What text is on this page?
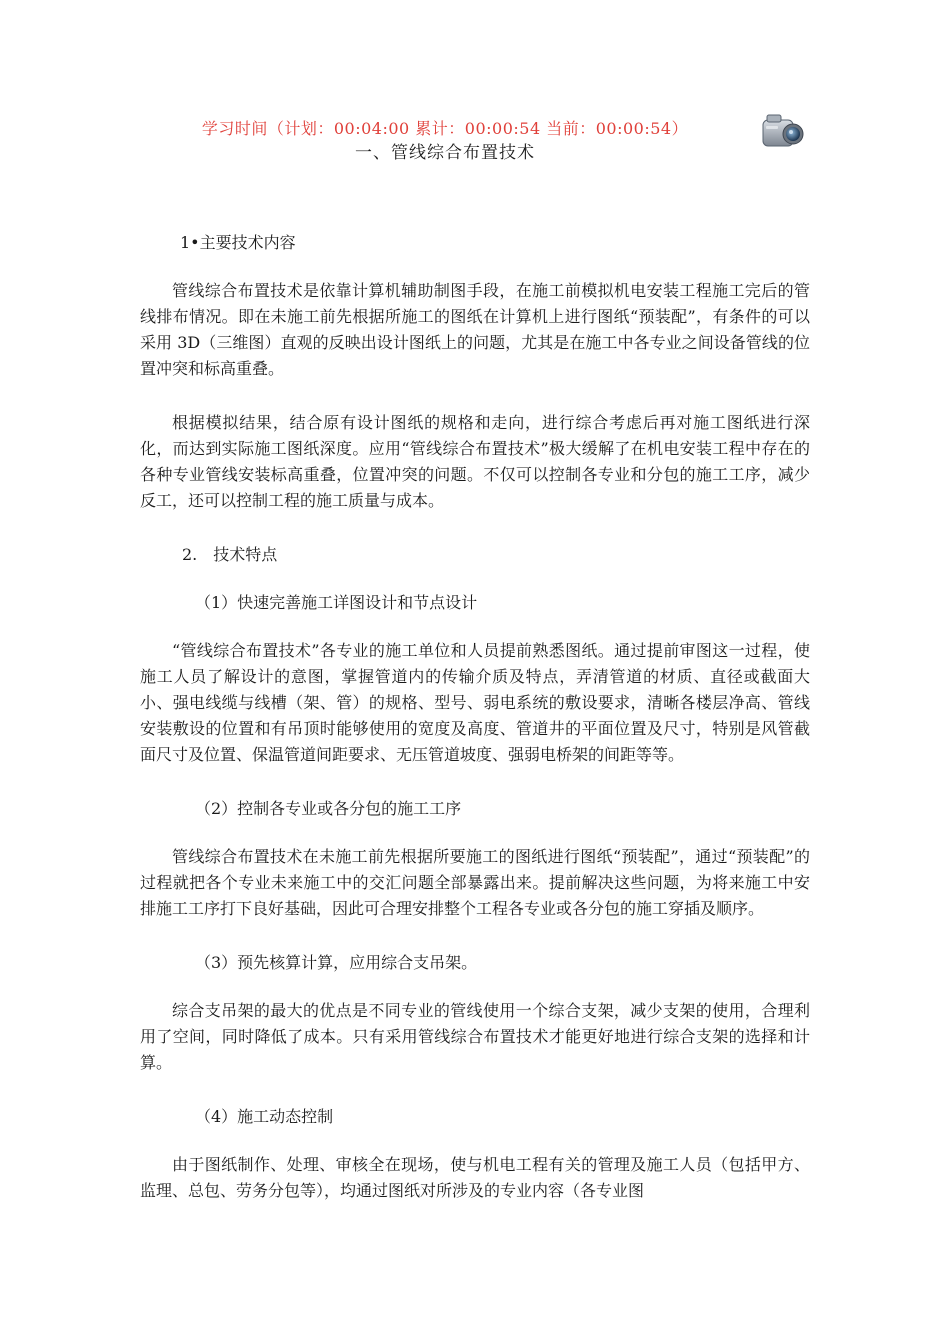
学习时间（计划：00:04:00 累计：00:00:54 当前：00:00:54）
一、管线综合布置技术

1•主要技术内容

管线综合布置技术是依靠计算机辅助制图手段，在施工前模拟机电安装工程施工完后的管线排布情况。即在未施工前先根据所施工的图纸在计算机上进行图纸“预装配”，有条件的可以采用 3D（三维图）直观的反映出设计图纸上的问题，尤其是在施工中各专业之间设备管线的位置冲突和标高重叠。

根据模拟结果，结合原有设计图纸的规格和走向，进行综合考虑后再对施工图纸进行深化，而达到实际施工图纸深度。应用“管线综合布置技术”极大缓解了在机电安装工程中存在的各种专业管线安装标高重叠，位置冲突的问题。不仅可以控制各专业和分包的施工工序，减少反工，还可以控制工程的施工质量与成本。

2.　技术特点

（1）快速完善施工详图设计和节点设计

“管线综合布置技术”各专业的施工单位和人员提前熟悉图纸。通过提前审图这一过程，使施工人员了解设计的意图，掌握管道内的传输介质及特点，弄清管道的材质、直径或截面大小、强电线缆与线槽（架、管）的规格、型号、弱电系统的敷设要求，清晰各楼层净高、管线安装敷设的位置和有吊顶时能够使用的宽度及高度、管道井的平面位置及尺寸，特别是风管截面尺寸及位置、保温管道间距要求、无压管道坡度、强弱电桥架的间距等等。

（2）控制各专业或各分包的施工工序

管线综合布置技术在未施工前先根据所要施工的图纸进行图纸“预装配”，通过“预装配”的过程就把各个专业未来施工中的交汇问题全部暴露出来。提前解决这些问题，为将来施工中安排施工工序打下良好基础，因此可合理安排整个工程各专业或各分包的施工穿插及顺序。

（3）预先核算计算，应用综合支吊架。

综合支吊架的最大的优点是不同专业的管线使用一个综合支架，减少支架的使用，合理利用了空间，同时降低了成本。只有采用管线综合布置技术才能更好地进行综合支架的选择和计算。

（4）施工动态控制

由于图纸制作、处理、审核全在现场，使与机电工程有关的管理及施工人员（包括甲方、监理、总包、劳务分包等），均通过图纸对所涉及的专业内容（各专业图
